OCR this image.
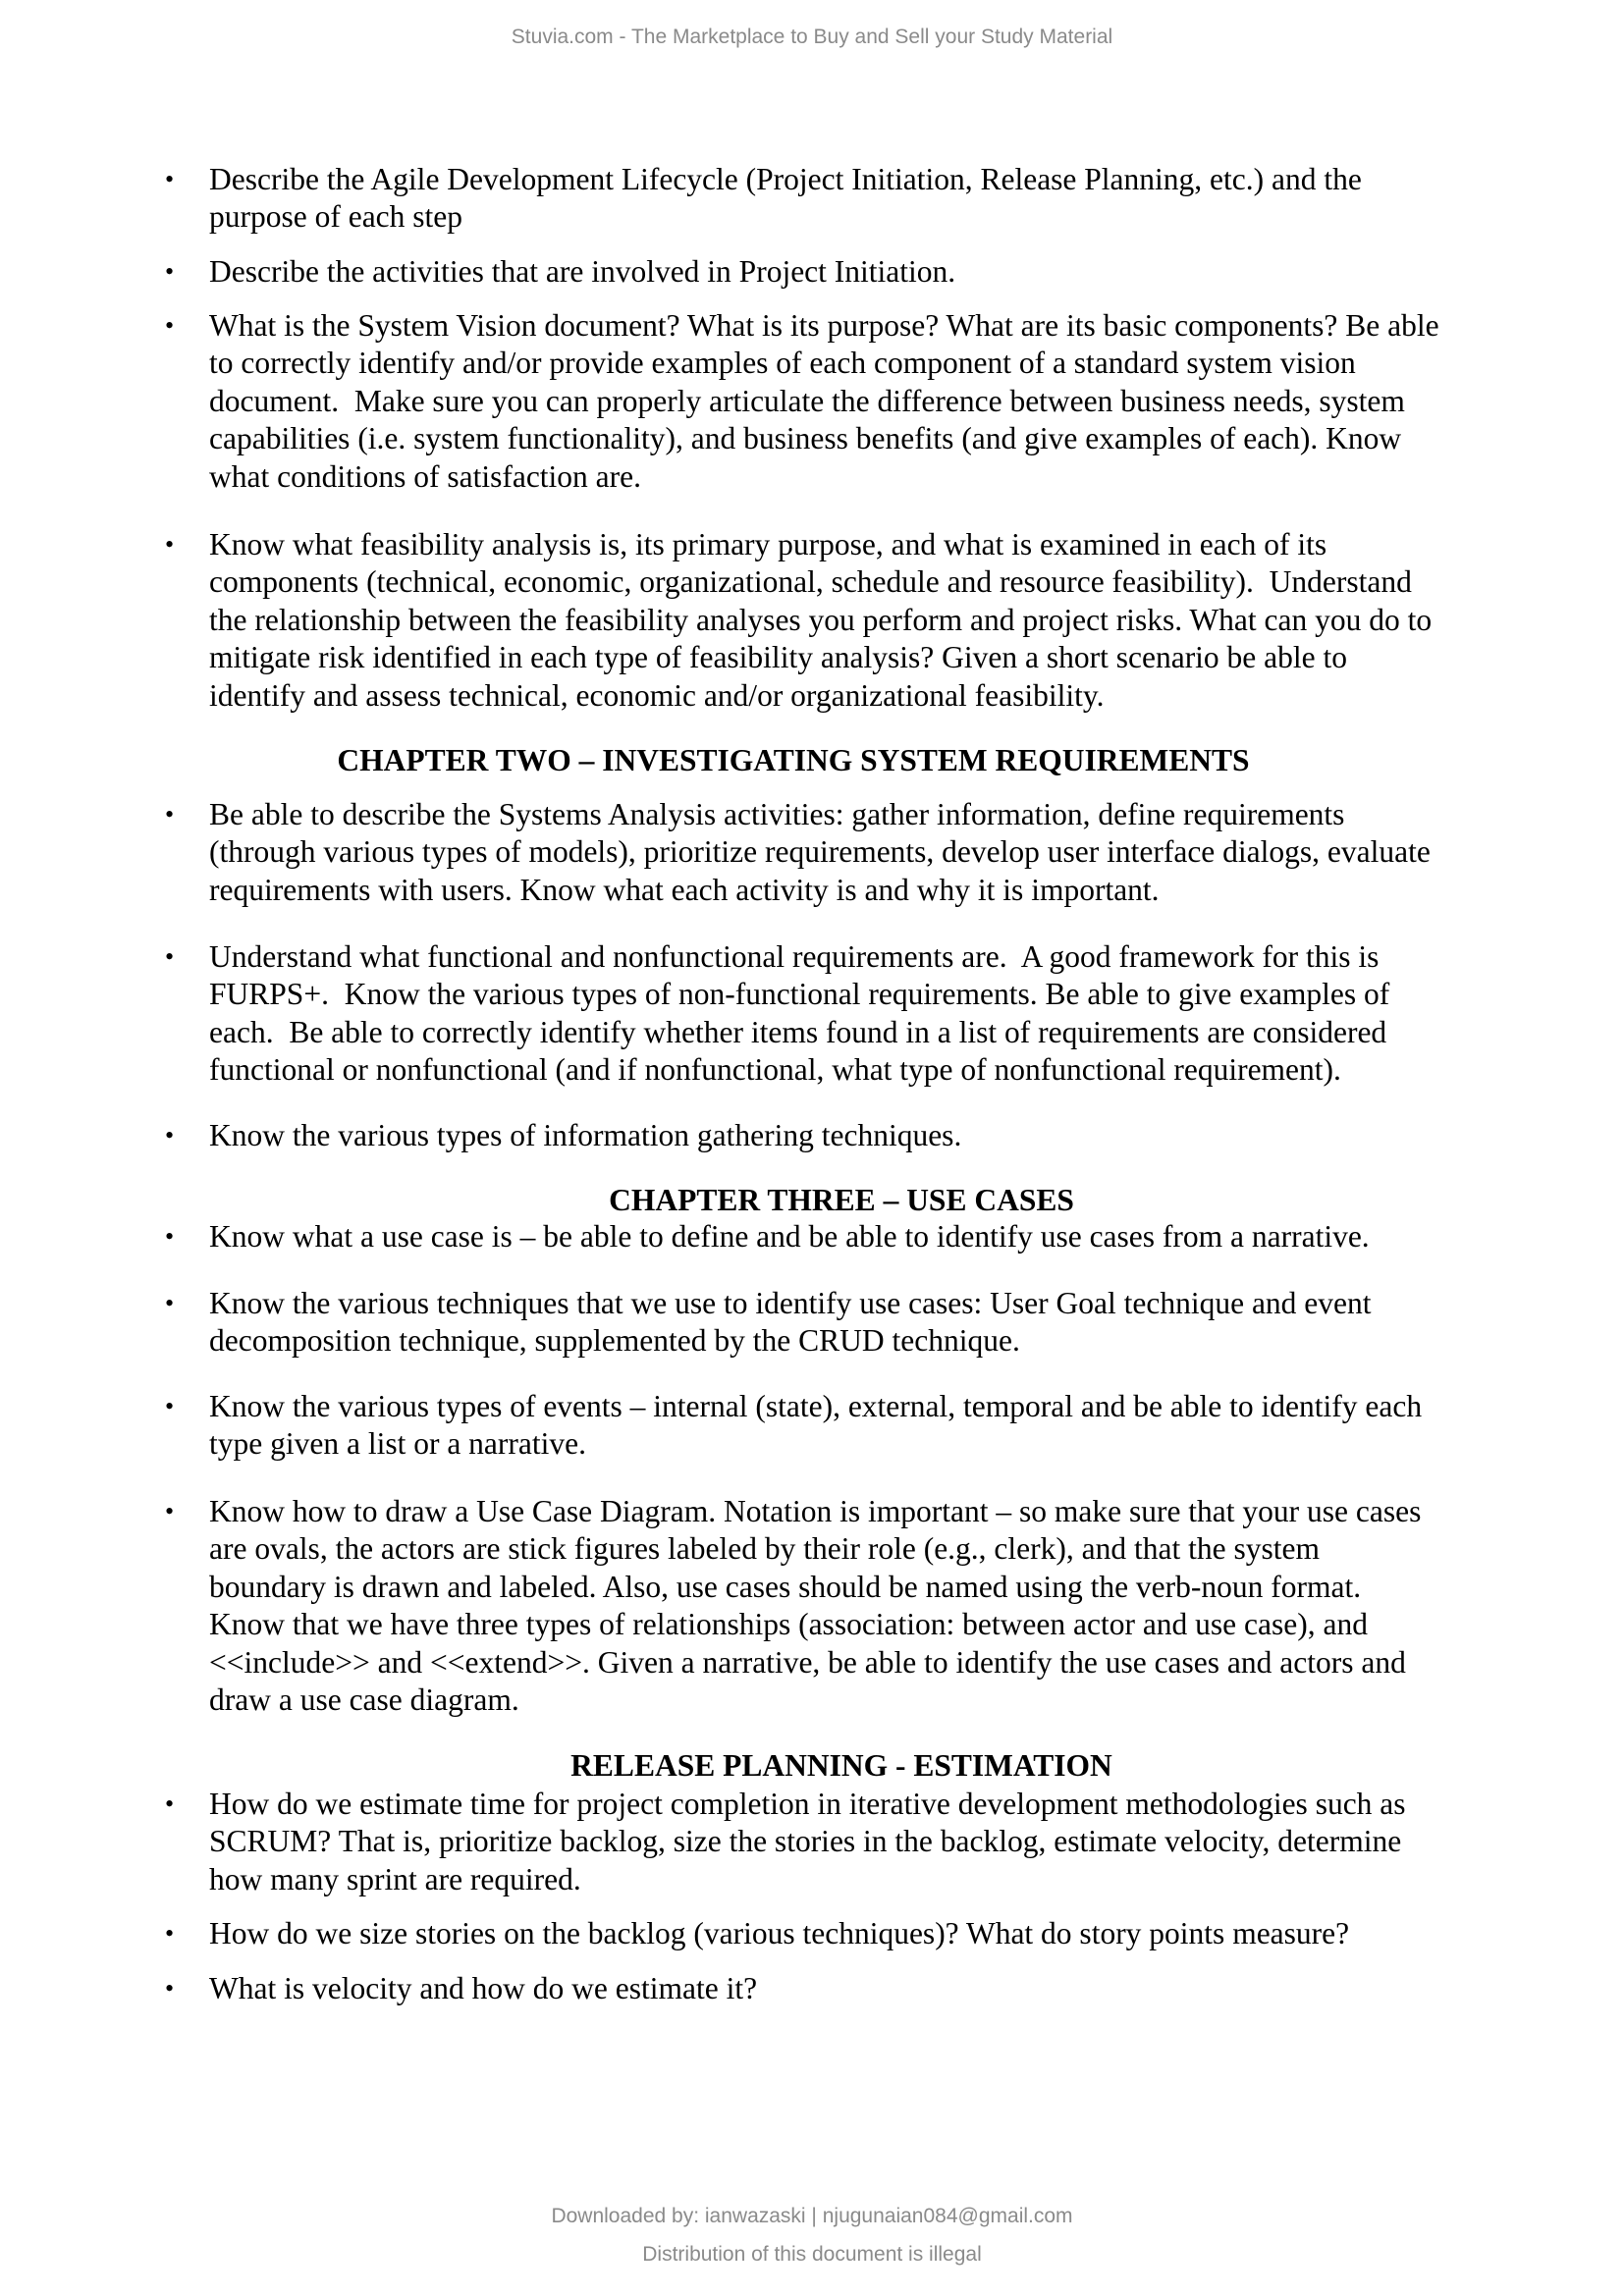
Stuvia.com - The Marketplace to Buy and Sell your Study Material
• Describe the Agile Development Lifecycle (Project Initiation, Release Planning, etc.) and the
purpose of each step
• Describe the activities that are involved in Project Initiation.
• What is the System Vision document? What is its purpose? What are its basic components? Be able
to correctly identify and/or provide examples of each component of a standard system vision
document.  Make sure you can properly articulate the difference between business needs, system
capabilities (i.e. system functionality), and business benefits (and give examples of each). Know
what conditions of satisfaction are.
• Know what feasibility analysis is, its primary purpose, and what is examined in each of its
components (technical, economic, organizational, schedule and resource feasibility).  Understand
the relationship between the feasibility analyses you perform and project risks. What can you do to
mitigate risk identified in each type of feasibility analysis? Given a short scenario be able to
identify and assess technical, economic and/or organizational feasibility.
CHAPTER TWO – INVESTIGATING SYSTEM REQUIREMENTS
• Be able to describe the Systems Analysis activities: gather information, define requirements
(through various types of models), prioritize requirements, develop user interface dialogs, evaluate
requirements with users. Know what each activity is and why it is important.
• Understand what functional and nonfunctional requirements are.  A good framework for this is
FURPS+.  Know the various types of non-functional requirements. Be able to give examples of
each.  Be able to correctly identify whether items found in a list of requirements are considered
functional or nonfunctional (and if nonfunctional, what type of nonfunctional requirement).
• Know the various types of information gathering techniques.
CHAPTER THREE – USE CASES
• Know what a use case is – be able to define and be able to identify use cases from a narrative.
• Know the various techniques that we use to identify use cases: User Goal technique and event
decomposition technique, supplemented by the CRUD technique.
• Know the various types of events – internal (state), external, temporal and be able to identify each
type given a list or a narrative.
• Know how to draw a Use Case Diagram. Notation is important – so make sure that your use cases
are ovals, the actors are stick figures labeled by their role (e.g., clerk), and that the system
boundary is drawn and labeled. Also, use cases should be named using the verb-noun format.
Know that we have three types of relationships (association: between actor and use case), and
<<include>> and <<extend>>. Given a narrative, be able to identify the use cases and actors and
draw a use case diagram.
RELEASE PLANNING - ESTIMATION
• How do we estimate time for project completion in iterative development methodologies such as
SCRUM? That is, prioritize backlog, size the stories in the backlog, estimate velocity, determine
how many sprint are required.
• How do we size stories on the backlog (various techniques)? What do story points measure?
• What is velocity and how do we estimate it?
Downloaded by: ianwazaski | njugunaian084@gmail.com
Distribution of this document is illegal
